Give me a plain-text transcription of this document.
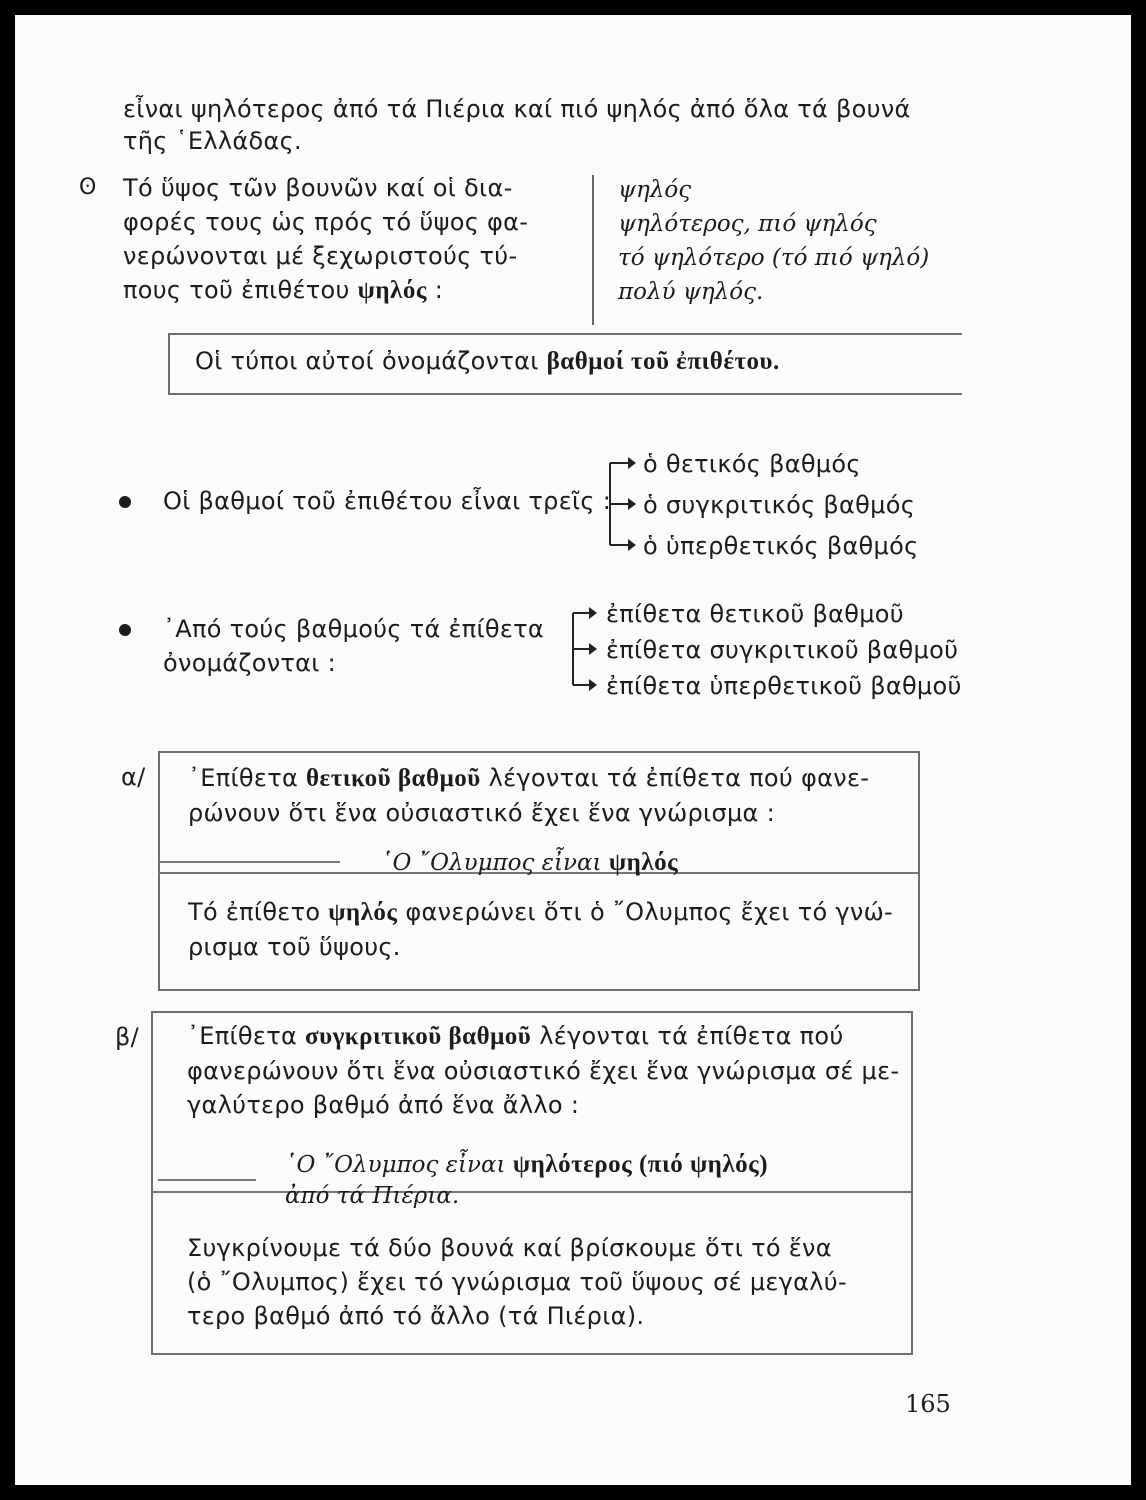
εἶναι ψηλότερος ἀπό τά Πιέρια καί πιό ψηλός ἀπό ὅλα τά βουνά
τῆς ῾Ελλάδας.
ʘ Τό ὕψος τῶν βουνῶν καί οἱ δια-
φορές τους ὡς πρός τό ὕψος φα-
νερώνονται μέ ξεχωριστούς τύ-
πους τοῦ ἐπιθέτου ψηλός :
ψηλός
ψηλότερος, πιό ψηλός
τό ψηλότερο (τό πιό ψηλό)
πολύ ψηλός.
Οἱ τύποι αὐτοί ὀνομάζονται βαθμοί τοῦ ἐπιθέτου.
Οἱ βαθμοί τοῦ ἐπιθέτου εἶναι τρεῖς :
ὁ θετικός βαθμός
ὁ συγκριτικός βαθμός
ὁ ὑπερθετικός βαθμός
᾿Από τούς βαθμούς τά ἐπίθετα
ὀνομάζονται :
ἐπίθετα θετικοῦ βαθμοῦ
ἐπίθετα συγκριτικοῦ βαθμοῦ
ἐπίθετα ὑπερθετικοῦ βαθμοῦ
α/ ᾿Επίθετα θετικοῦ βαθμοῦ λέγονται τά ἐπίθετα πού φανε-
ρώνουν ὅτι ἕνα οὐσιαστικό ἔχει ἕνα γνώρισμα :
῾Ο ῎Ολυμπος εἶναι ψηλός
Τό ἐπίθετο ψηλός φανερώνει ὅτι ὁ ῎Ολυμπος ἔχει τό γνώ-
ρισμα τοῦ ὕψους.
β/ ᾿Επίθετα συγκριτικοῦ βαθμοῦ λέγονται τά ἐπίθετα πού
φανερώνουν ὅτι ἕνα οὐσιαστικό ἔχει ἕνα γνώρισμα σέ με-
γαλύτερο βαθμό ἀπό ἕνα ἄλλο :
῾Ο ῎Ολυμπος εἶναι ψηλότερος (πιό ψηλός)
ἀπό τά Πιέρια.
Συγκρίνουμε τά δύο βουνά καί βρίσκουμε ὅτι τό ἕνα
(ὁ ῎Ολυμπος) ἔχει τό γνώρισμα τοῦ ὕψους σέ μεγαλύ-
τερο βαθμό ἀπό τό ἄλλο (τά Πιέρια).
165
